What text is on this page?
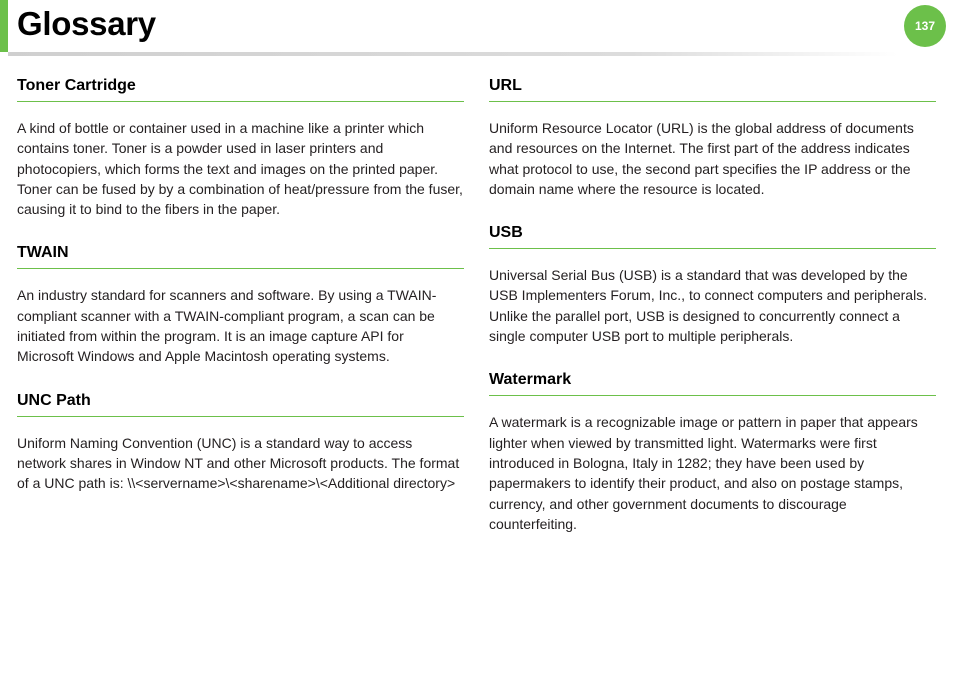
Glossary	137
Toner Cartridge

A kind of bottle or container used in a machine like a printer which contains toner. Toner is a powder used in laser printers and photocopiers, which forms the text and images on the printed paper. Toner can be fused by by a combination of heat/pressure from the fuser, causing it to bind to the fibers in the paper.

TWAIN

An industry standard for scanners and software. By using a TWAIN-compliant scanner with a TWAIN-compliant program, a scan can be initiated from within the program. It is an image capture API for Microsoft Windows and Apple Macintosh operating systems.

UNC Path

Uniform Naming Convention (UNC) is a standard way to access network shares in Window NT and other Microsoft products. The format of a UNC path is: \\<servername>\<sharename>\<Additional directory>

URL

Uniform Resource Locator (URL) is the global address of documents and resources on the Internet. The first part of the address indicates what protocol to use, the second part specifies the IP address or the domain name where the resource is located.

USB

Universal Serial Bus (USB) is a standard that was developed by the USB Implementers Forum, Inc., to connect computers and peripherals. Unlike the parallel port, USB is designed to concurrently connect a single computer USB port to multiple peripherals.

Watermark

A watermark is a recognizable image or pattern in paper that appears lighter when viewed by transmitted light. Watermarks were first introduced in Bologna, Italy in 1282; they have been used by papermakers to identify their product, and also on postage stamps, currency, and other government documents to discourage counterfeiting.
